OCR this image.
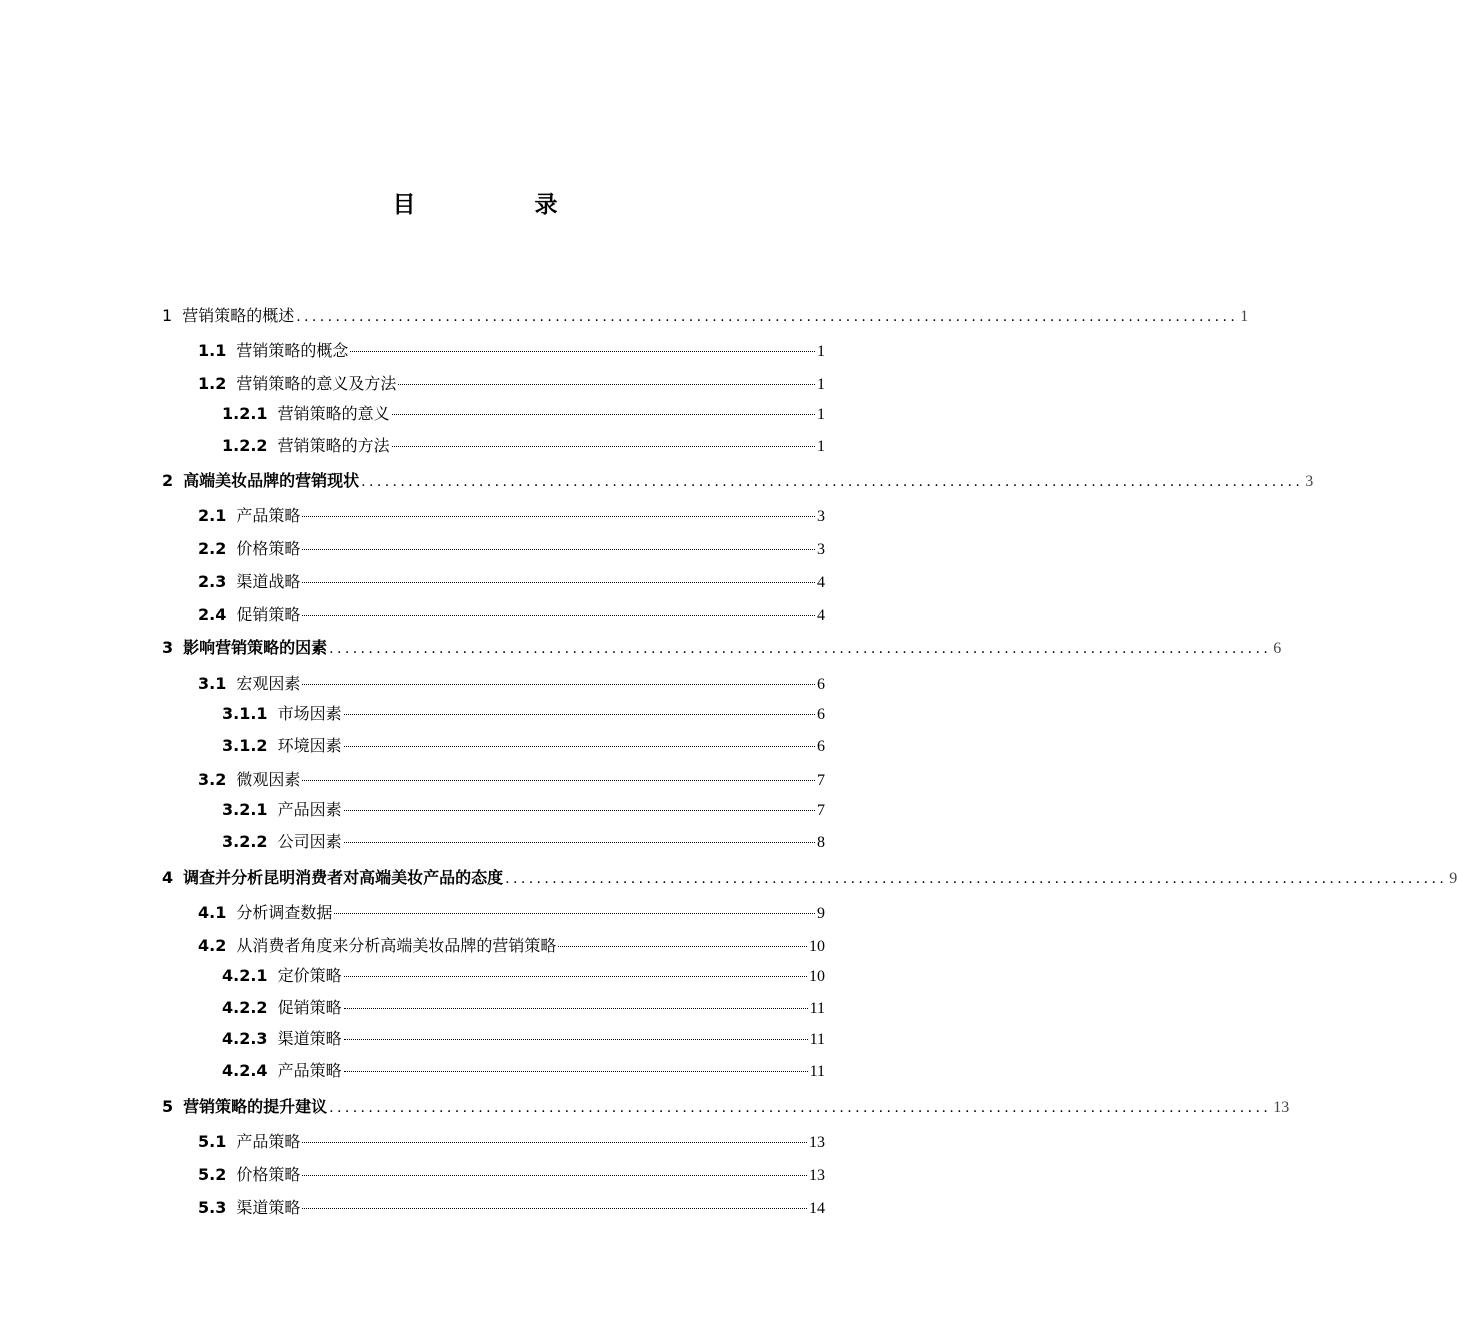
目　录
1 营销策略的概述 ........................................................................................................................ 1
1.1 营销策略的概念	1
1.2 营销策略的意义及方法	1
1.2.1 营销策略的意义	1
1.2.2 营销策略的方法	1
2 高端美妆品牌的营销现状 ........................................................................................................................ 3
2.1 产品策略	3
2.2 价格策略	3
2.3 渠道战略	4
2.4 促销策略	4
3 影响营销策略的因素 ........................................................................................................................ 6
3.1 宏观因素	6
3.1.1 市场因素	6
3.1.2 环境因素	6
3.2 微观因素	7
3.2.1 产品因素	7
3.2.2 公司因素	8
4 调查并分析昆明消费者对高端美妆产品的态度 ........................................................................................................................ 9
4.1 分析调查数据	9
4.2 从消费者角度来分析高端美妆品牌的营销策略	10
4.2.1 定价策略	10
4.2.2 促销策略	11
4.2.3 渠道策略	11
4.2.4 产品策略	11
5 营销策略的提升建议 ........................................................................................................................ 13
5.1 产品策略	13
5.2 价格策略	13
5.3 渠道策略	14
